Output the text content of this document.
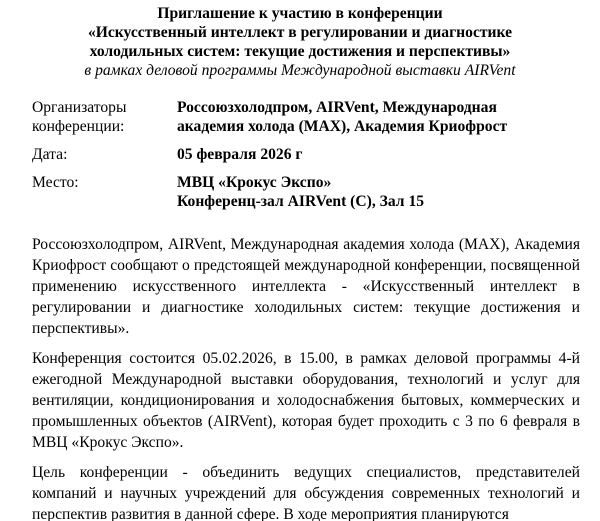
Приглашение к участию в конференции
«Искусственный интеллект в регулировании и диагностике
холодильных систем: текущие достижения и перспективы»
в рамках деловой программы Международной выставки AIRVent
Организаторы конференции:
Россоюзхолодпром, AIRVent, Международная
академия холода (МАХ), Академия Криофрост
Дата:	05 февраля 2026 г
Место:	МВЦ «Крокус Экспо»
Конференц-зал AIRVent (С), Зал 15

Россоюзхолодпром, AIRVent, Международная академия холода (МАХ), Академия Криофрост сообщают о предстоящей международной конференции, посвященной применению искусственного интеллекта - «Искусственный интеллект в регулировании и диагностике холодильных систем: текущие достижения и перспективы».

Конференция состоится 05.02.2026, в 15.00, в рамках деловой программы 4-й ежегодной Международной выставки оборудования, технологий и услуг для вентиляции, кондиционирования и холодоснабжения бытовых, коммерческих и промышленных объектов (AIRVent), которая будет проходить с 3 по 6 февраля в МВЦ «Крокус Экспо».

Цель конференции - объединить ведущих специалистов, представителей компаний и научных учреждений для обсуждения современных технологий и перспектив развития в данной сфере. В ходе мероприятия планируются
